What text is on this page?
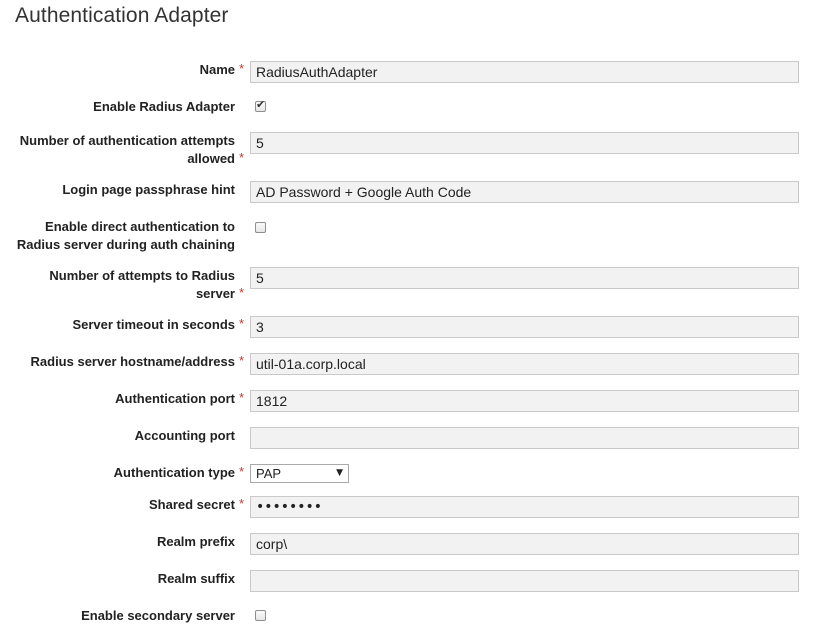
Authentication Adapter
Name *
RadiusAuthAdapter
Enable Radius Adapter	✔
Number of authentication attempts
allowed *
5
Login page passphrase hint
AD Password + Google Auth Code
Enable direct authentication to
Radius server during auth chaining
Number of attempts to Radius
server *
5
Server timeout in seconds *
3
Radius server hostname/address *
util-01a.corp.local
Authentication port *
1812
Accounting port
Authentication type * PAP	▼
Shared secret * ••••••••
Realm prefix
corp\
Realm suffix
Enable secondary server
